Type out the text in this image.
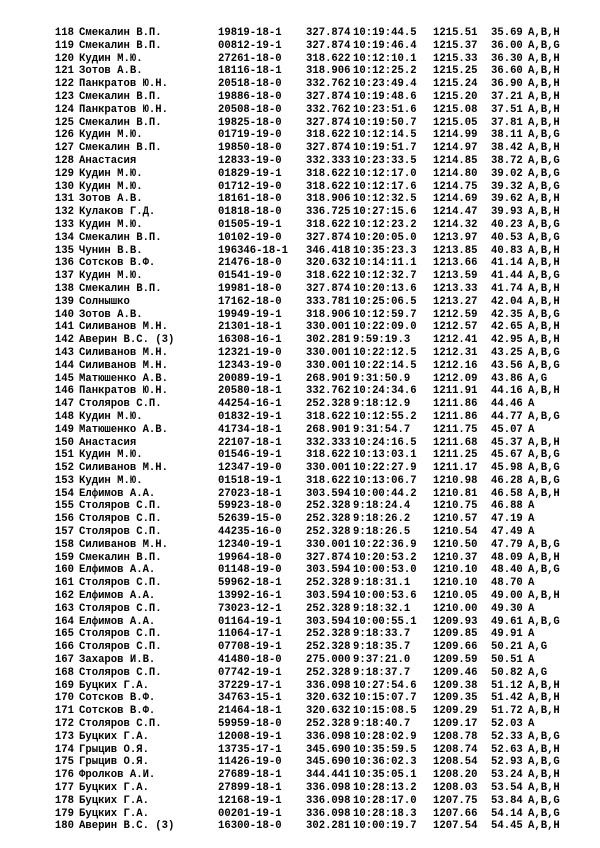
118 Смекалин В.П.	19819-18-1 327.874 10:19:44.5 1215.51 35.69 A,B,H
119 Смекалин В.П.	00812-19-1 327.874 10:19:46.4 1215.37 36.00 A,B,G
120 Кудин М.Ю.	27261-18-0 318.622 10:12:10.1 1215.33 36.30 A,B,H
121 Зотов А.В.	18116-18-1 318.906 10:12:25.2 1215.25 36.60 A,B,H
122 Панкратов Ю.Н.	20518-18-0 332.762 10:23:49.4 1215.24 36.90 A,B,H
123 Смекалин В.П.	19886-18-0 327.874 10:19:48.6 1215.20 37.21 A,B,H
124 Панкратов Ю.Н.	20508-18-0 332.762 10:23:51.6 1215.08 37.51 A,B,H
125 Смекалин В.П.	19825-18-0 327.874 10:19:50.7 1215.05 37.81 A,B,H
126 Кудин М.Ю.	01719-19-0 318.622 10:12:14.5 1214.99 38.11 A,B,G
127 Смекалин В.П.	19850-18-0 327.874 10:19:51.7 1214.97 38.42 A,B,H
128 Анастасия	12833-19-0 332.333 10:23:33.5 1214.85 38.72 A,B,G
129 Кудин М.Ю.	01829-19-1 318.622 10:12:17.0 1214.80 39.02 A,B,G
130 Кудин М.Ю.	01712-19-0 318.622 10:12:17.6 1214.75 39.32 A,B,G
131 Зотов А.В.	18161-18-0 318.906 10:12:32.5 1214.69 39.62 A,B,H
132 Кулаков Г.Д.	01818-18-0 336.725 10:27:15.6 1214.47 39.93 A,B,H
133 Кудин М.Ю.	01505-19-1 318.622 10:12:23.2 1214.32 40.23 A,B,G
134 Смекалин В.П.	10102-19-0 327.874 10:20:05.0 1213.97 40.53 A,B,G
135 Чунин В.В.	196346-18-1 346.418 10:35:23.3 1213.85 40.83 A,B,H
136 Сотсков В.Ф.	21476-18-0 320.632 10:14:11.1 1213.66 41.14 A,B,H
137 Кудин М.Ю.	01541-19-0 318.622 10:12:32.7 1213.59 41.44 A,B,G
138 Смекалин В.П.	19981-18-0 327.874 10:20:13.6 1213.33 41.74 A,B,H
139 Солнышко	17162-18-0 333.781 10:25:06.5 1213.27 42.04 A,B,H
140 Зотов А.В.	19949-19-1 318.906 10:12:59.7 1212.59 42.35 A,B,G
141 Силиванов М.Н.	21301-18-1 330.001 10:22:09.0 1212.57 42.65 A,B,H
142 Аверин В.С. (3)	16308-16-1 302.281 9:59:19.3 1212.41 42.95 A,B,H
143 Силиванов М.Н.	12321-19-0 330.001 10:22:12.5 1212.31 43.25 A,B,G
144 Силиванов М.Н.	12343-19-0 330.001 10:22:14.5 1212.16 43.56 A,B,G
145 Матюшенко А.В.	20089-19-1 268.901 9:31:50.9 1212.09 43.86 A,G
146 Панкратов Ю.Н.	20580-18-1 332.762 10:24:34.6 1211.91 44.16 A,B,H
147 Столяров С.П.	44254-16-1 252.328 9:18:12.9 1211.86 44.46 A
148 Кудин М.Ю.	01832-19-1 318.622 10:12:55.2 1211.86 44.77 A,B,G
149 Матюшенко А.В.	41734-18-1 268.901 9:31:54.7 1211.75 45.07 A
150 Анастасия	22107-18-1 332.333 10:24:16.5 1211.68 45.37 A,B,H
151 Кудин М.Ю.	01546-19-1 318.622 10:13:03.1 1211.25 45.67 A,B,G
152 Силиванов М.Н.	12347-19-0 330.001 10:22:27.9 1211.17 45.98 A,B,G
153 Кудин М.Ю.	01518-19-1 318.622 10:13:06.7 1210.98 46.28 A,B,G
154 Елфимов А.А.	27023-18-1 303.594 10:00:44.2 1210.81 46.58 A,B,H
155 Столяров С.П.	59923-18-0 252.328 9:18:24.4 1210.75 46.88 A
156 Столяров С.П.	52639-15-0 252.328 9:18:26.2 1210.57 47.19 A
157 Столяров С.П.	44235-16-0 252.328 9:18:26.5 1210.54 47.49 A
158 Силиванов М.Н.	12340-19-1 330.001 10:22:36.9 1210.50 47.79 A,B,G
159 Смекалин В.П.	19964-18-0 327.874 10:20:53.2 1210.37 48.09 A,B,H
160 Елфимов А.А.	01148-19-0 303.594 10:00:53.0 1210.10 48.40 A,B,G
161 Столяров С.П.	59962-18-1 252.328 9:18:31.1 1210.10 48.70 A
162 Елфимов А.А.	13992-16-1 303.594 10:00:53.6 1210.05 49.00 A,B,H
163 Столяров С.П.	73023-12-1 252.328 9:18:32.1 1210.00 49.30 A
164 Елфимов А.А.	01164-19-1 303.594 10:00:55.1 1209.93 49.61 A,B,G
165 Столяров С.П.	11064-17-1 252.328 9:18:33.7 1209.85 49.91 A
166 Столяров С.П.	07708-19-1 252.328 9:18:35.7 1209.66 50.21 A,G
167 Захаров И.В.	41480-18-0 275.000 9:37:21.0 1209.59 50.51 A
168 Столяров С.П.	07742-19-1 252.328 9:18:37.7 1209.46 50.82 A,G
169 Буцких Г.А.	37229-17-1 336.098 10:27:54.6 1209.38 51.12 A,B,H
170 Сотсков В.Ф.	34763-15-1 320.632 10:15:07.7 1209.35 51.42 A,B,H
171 Сотсков В.Ф.	21464-18-1 320.632 10:15:08.5 1209.29 51.72 A,B,H
172 Столяров С.П.	59959-18-0 252.328 9:18:40.7 1209.17 52.03 A
173 Буцких Г.А.	12008-19-1 336.098 10:28:02.9 1208.78 52.33 A,B,G
174 Грыцив О.Я.	13735-17-1 345.690 10:35:59.5 1208.74 52.63 A,B,H
175 Грыцив О.Я.	11426-19-0 345.690 10:36:02.3 1208.54 52.93 A,B,G
176 Фролков А.И.	27689-18-1 344.441 10:35:05.1 1208.20 53.24 A,B,H
177 Буцких Г.А.	27899-18-1 336.098 10:28:13.2 1208.03 53.54 A,B,H
178 Буцких Г.А.	12168-19-1 336.098 10:28:17.0 1207.75 53.84 A,B,G
179 Буцких Г.А.	00201-19-1 336.098 10:28:18.3 1207.66 54.14 A,B,G
180 Аверин В.С. (3)	16300-18-0 302.281 10:00:19.7 1207.54 54.45 A,B,H
